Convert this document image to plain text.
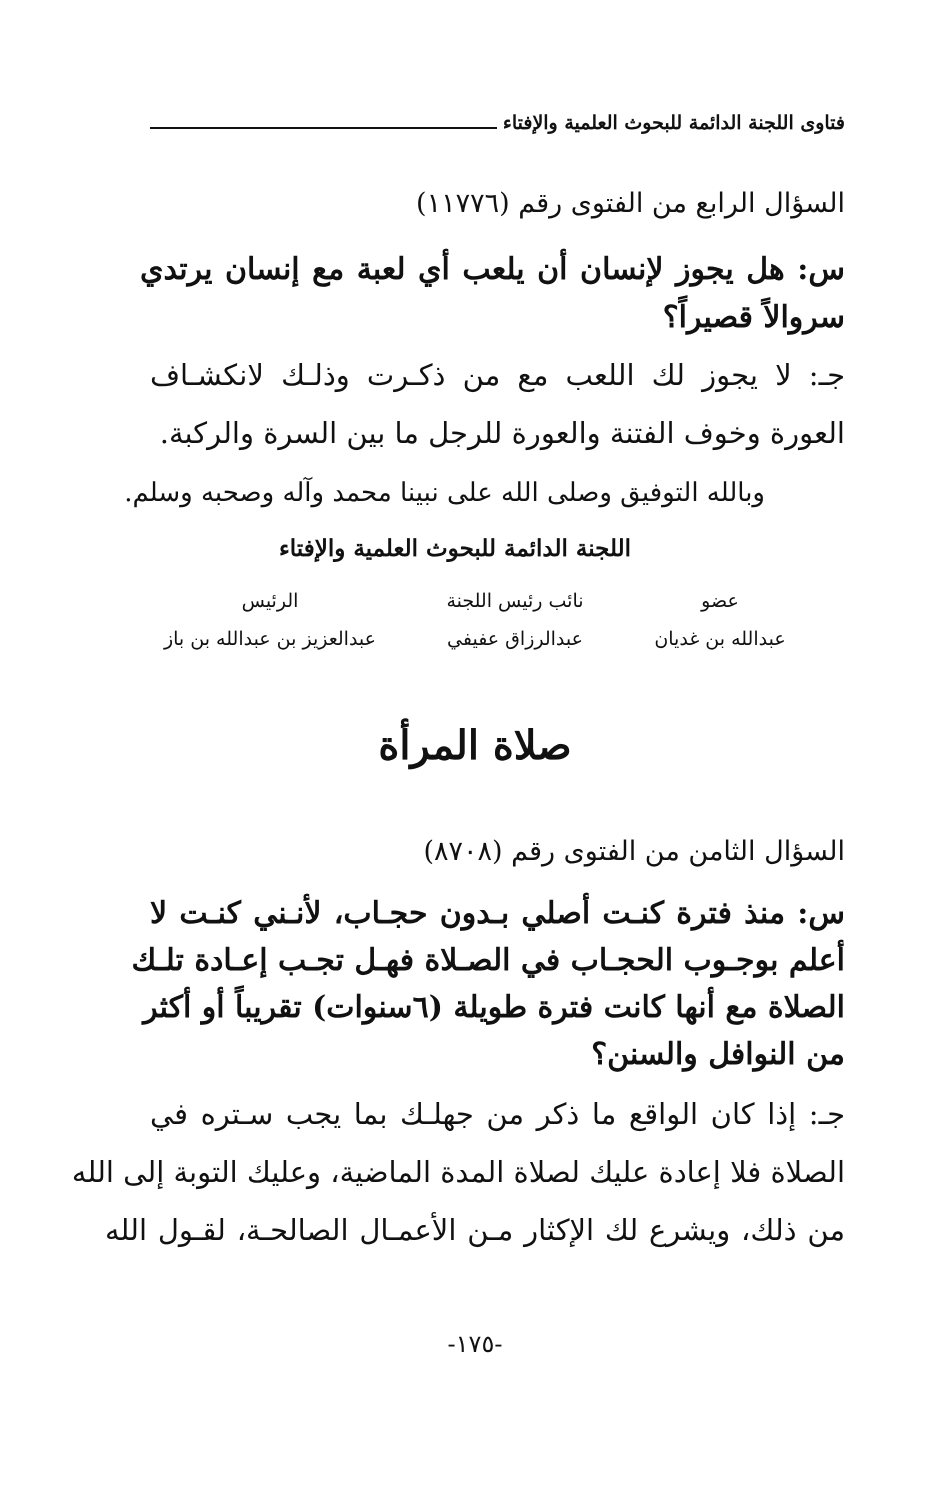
فتاوى اللجنة الدائمة للبحوث العلمية والإفتاء
السؤال الرابع من الفتوى رقم (١١٧٧٦)
س: هل يجوز لإنسان أن يلعب أي لعبة مع إنسان يرتدي
سروالاً قصيراً؟
جـ: لا يجوز لك اللعب مع من ذكـرت وذلـك لانكشـاف
العورة وخوف الفتنة والعورة للرجل ما بين السرة والركبة.
وبالله التوفيق وصلى الله على نبينا محمد وآله وصحبه وسلم.
اللجنة الدائمة للبحوث العلمية والإفتاء
عضو
نائب رئيس اللجنة
الرئيس
عبدالله بن غديان
عبدالرزاق عفيفي
عبدالعزيز بن عبدالله بن باز
صلاة المرأة
السؤال الثامن من الفتوى رقم (٨٧٠٨)
س: منذ فترة كنـت أصلي بـدون حجـاب، لأنـني كنـت لا
أعلم بوجـوب الحجـاب في الصـلاة فهـل تجـب إعـادة تلـك
الصلاة مع أنها كانت فترة طويلة (٦سنوات) تقريباً أو أكثر
من النوافل والسنن؟
جـ: إذا كان الواقع ما ذكر من جهلـك بما يجب سـتره في
الصلاة فلا إعادة عليك لصلاة المدة الماضية، وعليك التوبة إلى الله
من ذلك، ويشرع لك الإكثار مـن الأعمـال الصالحـة، لقـول الله
-١٧٥-
